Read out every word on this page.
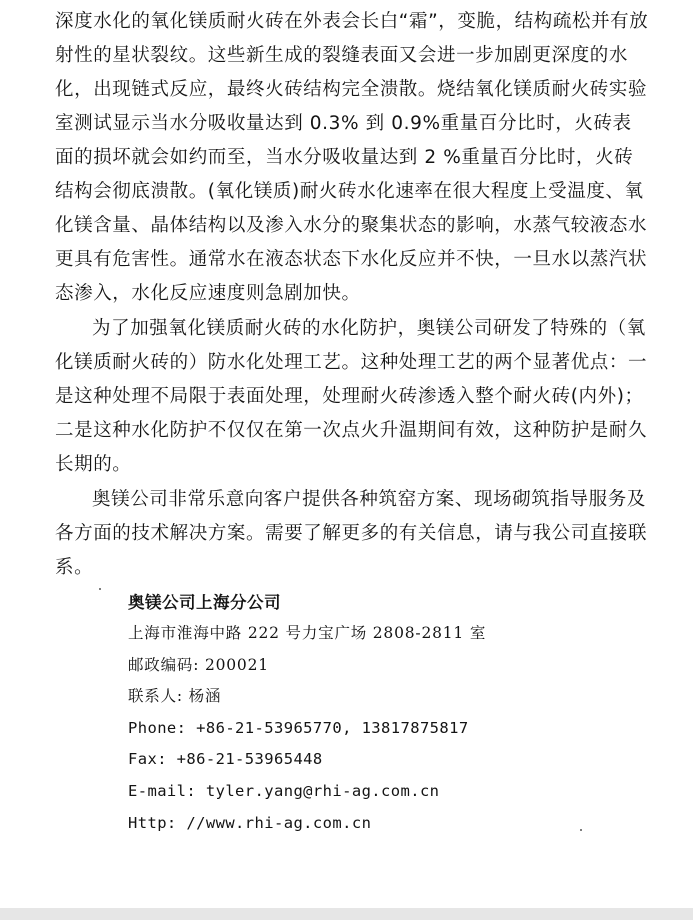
深度水化的氧化镁质耐火砖在外表会长白“霜”，变脆，结构疏松并有放射性的星状裂纹。这些新生成的裂缝表面又会进一步加剧更深度的水化，出现链式反应，最终火砖结构完全溃散。烧结氧化镁质耐火砖实验室测试显示当水分吸收量达到 0.3% 到 0.9%重量百分比时，火砖表面的损坏就会如约而至，当水分吸收量达到 2 %重量百分比时，火砖结构会彻底溃散。(氧化镁质)耐火砖水化速率在很大程度上受温度、氧化镁含量、晶体结构以及渗入水分的聚集状态的影响，水蒸气较液态水更具有危害性。通常水在液态状态下水化反应并不快，一旦水以蒸汽状态渗入，水化反应速度则急剧加快。

为了加强氧化镁质耐火砖的水化防护，奥镁公司研发了特殊的（氧化镁质耐火砖的）防水化处理工艺。这种处理工艺的两个显著优点：一是这种处理不局限于表面处理，处理耐火砖渗透入整个耐火砖(内外)；二是这种水化防护不仅仅在第一次点火升温期间有效，这种防护是耐久长期的。

奥镁公司非常乐意向客户提供各种筑窑方案、现场砌筑指导服务及各方面的技术解决方案。需要了解更多的有关信息，请与我公司直接联系。

奥镁公司上海分公司
上海市淮海中路 222 号力宝广场 2808-2811 室
邮政编码: 200021
联系人: 杨涵
Phone: +86-21-53965770, 13817875817
Fax: +86-21-53965448
E-mail: tyler.yang@rhi-ag.com.cn
Http: //www.rhi-ag.com.cn
